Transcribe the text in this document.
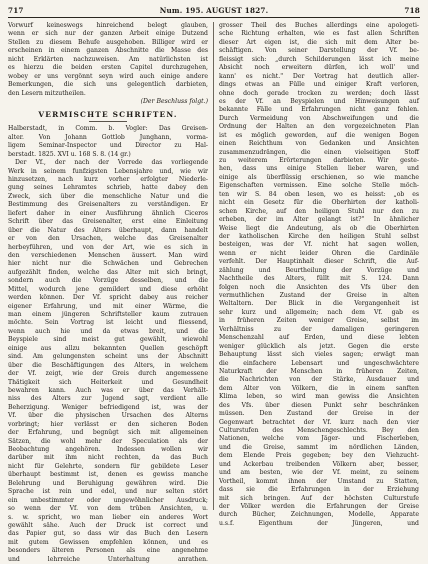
717	Num. 195. AUGUST 1827.	718
Vorwurf keineswegs hinreichend belegt glauben,
wenn er sich nur der ganzen Arbeit einige Dutzend
Stellen zu diesem Behufe ausgehoben. Billiger wird er
erscheinen in einem ganzen Abschnitte die Masse des
nicht Erklärten nachzuweisen. Am natürlichsten ist
es hierzu die beiden ersten Capitel durchzugehen,
wobey er uns vergönnt seyn wird auch einige andere
Bemerkungen, die sich uns gelegentlich darbieten,
den Lesern mitzutheilen.
(Der Beschluss folgt.)
VERMISCHTE SCHRIFTEN.
Halberstadt, in Comm. b. Vogler: Das Greisen-
alter. Von Johann Gottlob Junghann, vorma-
ligem Seminar-Inspector und Director zu Hal-
berstadt. 1825. XVI u. 168 S. 8. (14 gr.)
Der Vf., der nach der Vorrede das vorliegende
Werk in seinem funfzigsten Lebensjahre und, wie wir
hinzusetzen, nach kurz vorher erfolgter Niederle-
gung seines Lehramtes schrieb, hatte dabey den
Zweck, sich über die menschliche Natur und die
Bestimmung des Greisenalters zu verständigen. Er
liefert daher in einer Ausführung ähnlich Ciceros
Schrift über das Greisenalter, erst eine Einleitung
über die Natur des Alters überhaupt, dann handelt
er von den Ursachen, welche das Greisenalter
herbeyführen, und von der Art, wie es sich in
den verschiedenen Menschen äussert. Man wird
hier nicht nur die Schwächen und Gebrechen
aufgezählt finden, welche das Alter mit sich bringt,
sondern auch die Vorzüge desselben, und die
Mittel, wodurch jene gemildert und diese erhöht
werden können. Der Vf. spricht dabey aus reicher
eigener Erfahrung, und mit einer Wärme, die
man einem jüngeren Schriftsteller kaum zutrauen
möchte. Sein Vortrag ist leicht und fliessend,
wenn auch hie und da etwas breit, und die
Beyspiele sind meist gut gewählt, wiewohl
einige aus allzu bekannten Quellen geschöpft
sind. Am gelungensten scheint uns der Abschnitt
über die Beschäftigungen des Alters, in welchem
der Vf. zeigt, wie der Greis durch angemessene
Thätigkeit sich Heiterkeit und Gesundheit
bewahren kann. Auch was er über das Verhält-
niss des Alters zur Jugend sagt, verdient alle
Beherzigung. Weniger befriedigend ist, was der
Vf. über die physischen Ursachen des Alterns
vorbringt; hier verlässt er den sicheren Boden
der Erfahrung, und begnügt sich mit allgemeinen
Sätzen, die wohl mehr der Speculation als der
Beobachtung angehören. Indessen wollen wir
darüber mit ihm nicht rechten, da das Buch
nicht für Gelehrte, sondern für gebildete Leser
überhaupt bestimmt ist, denen es gewiss manche
Belehrung und Beruhigung gewähren wird. Die
Sprache ist rein und edel, und nur selten stört
ein unbestimmter oder ungewöhnlicher Ausdruck;
so wenn der Vf. von dem trüben Ansichten, u.
s. w. spricht, wo man lieber ein anderes Wort
gewählt sähe. Auch der Druck ist correct und
das Papier gut, so dass wir das Buch den Lesern
mit gutem Gewissen empfehlen können, und es
besonders älteren Personen als eine angenehme
und lehrreiche Unterhaltung anrathen.
grosser Theil des Buches allerdings eine apologeti-
sche Richtung erhalten, wie es fast allen Schriften
dieser Art eigen ist, die sich mit dem Alter be-
schäftigen. Von seiner Darstellung der Vf. be-
fleissigt sich: „durch Schilderungen lässt ich meine
Absicht noch erweitern dürfen, ich woll' und
kann' es nicht." Der Vortrag hat deutlich aller-
dings etwas an Fülle und einiger Kraft verloren,
ohne doch gerade trocken zu werden; doch lässt
es der Vf. an Beyspielen und Hinweisungen auf
bekannte Fälle und Erfahrungen nicht ganz fehlen.
Durch Vermeidung von Abschweifungen und die
Ordnung der Halten an den vorgezeichneten Plan
ist es möglich geworden, auf die wenigen Bogen
einen Reichthum von Gedanken und Ansichten
zusammenzudrängen, die einen vielseitigen Stoff
zu weiterem Erörterungen darbieten. Wir geste-
hen, dass uns einige Stellen lieber waren, und
einige als überflüssig erschienen, so wie manche
Eigenschaften vermissen. Eine solche Stelle möch-
ten wir S. 84 oben lesen, wo es heisst: „ob es
nicht ein Gesetz für die Oberhirten der katholi-
schen Kirche, auf den heiligen Stuhl nur den zu
erheben, der im Alter gelangt ist?" In ähnlicher
Weise liegt die Andeutung, als ob die Oberhirten
der katholischen Kirche den heiligen Stuhl selbst
besteigen, was der Vf. nicht hat sagen wollen,
wenn er nicht leider Ohren die Cardinäle
verfehlt. Der Hauptinhalt dieser Schrift, die Auf-
zählung und Beurtheilung der Vorzüge und
Nachtheile des Alters, füllt mit S. 124. Dann
folgen noch die Ansichten des Vfs über den
vermuthlichen Zustand der Greise in alten
Weltaltern. Der Blick in die Vergangenheit ist
sehr kurz und allgemein; nach dem Vf. gab es
in früheren Zeiten weniger Greise, selbst im
Verhältniss zu der damaligen geringeren
Menschenzahl auf Erden, und diese lebten
weniger glücklich als jetzt. Gegen die erste
Behauptung lässt sich vieles sagen; erwägt man
die einfachere Lebensart und ungeschwächtere
Naturkraft der Menschen in früheren Zeiten,
die Nachrichten von der Stärke, Ausdauer und
dem Alter von Völkern, die in einem sanften
Klima leben, so wird man gewiss die Ansichten
des Vfs. über diesen Punkt sehr beschränken
müssen. Den Zustand der Greise in der
Gegenwart betrachtet der Vf. kurz nach den vier
Culturstufen des Menschengeschlechts. Bey den
Nationen, welche vom Jäger- und Fischerleben,
und die Greise, sammt im nördlichen Länden,
dem Elende Preis gegeben; bey den Viehzucht-
und Ackerbau treibenden Völkern aber, besser,
und am besten, wie der Vf. meint, zu seinem
Vortheil, kommt ihnen der Umstand zu Statten,
dass sie die Erfahrungen in der Erziehung
mit sich bringen. Auf der höchsten Culturstufe
der Völker werden die Erfahrungen der Greise
durch Bücher, Zeichnungen, Modelle, Apparate
u.s.f. Eigenthum der Jüngeren, und
